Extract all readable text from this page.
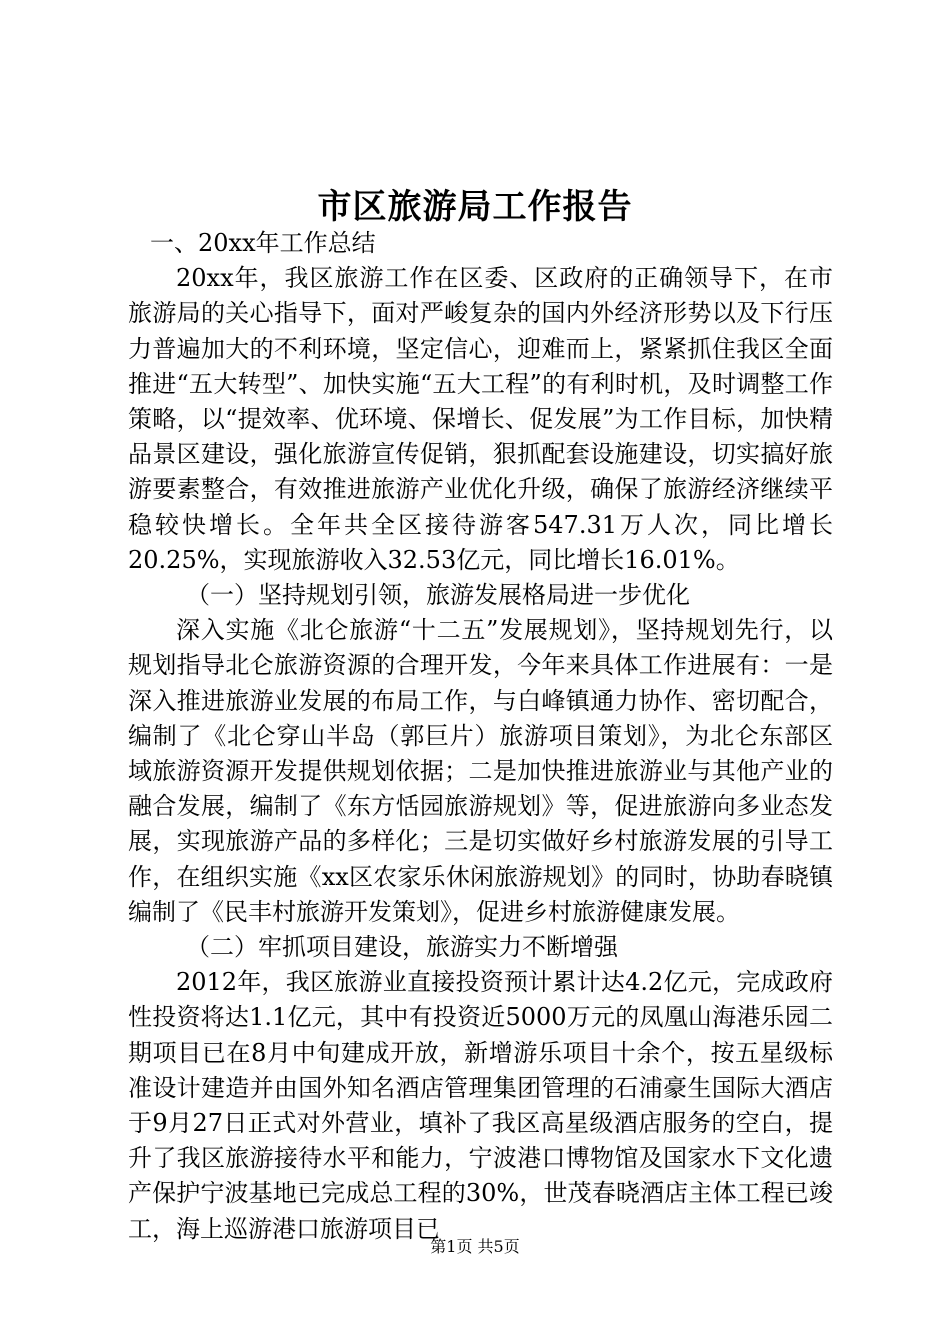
市区旅游局工作报告

一、20xx年工作总结

20xx年，我区旅游工作在区委、区政府的正确领导下，在市旅游局的关心指导下，面对严峻复杂的国内外经济形势以及下行压力普遍加大的不利环境，坚定信心，迎难而上，紧紧抓住我区全面推进“五大转型”、加快实施“五大工程”的有利时机，及时调整工作策略，以“提效率、优环境、保增长、促发展”为工作目标，加快精品景区建设，强化旅游宣传促销，狠抓配套设施建设，切实搞好旅游要素整合，有效推进旅游产业优化升级，确保了旅游经济继续平稳较快增长。全年共全区接待游客547.31万人次，同比增长20.25%，实现旅游收入32.53亿元，同比增长16.01%。

（一）坚持规划引领，旅游发展格局进一步优化

深入实施《北仑旅游“十二五”发展规划》，坚持规划先行，以规划指导北仑旅游资源的合理开发，今年来具体工作进展有：一是深入推进旅游业发展的布局工作，与白峰镇通力协作、密切配合，编制了《北仑穿山半岛（郭巨片）旅游项目策划》，为北仑东部区域旅游资源开发提供规划依据；二是加快推进旅游业与其他产业的融合发展，编制了《东方恬园旅游规划》等，促进旅游向多业态发展，实现旅游产品的多样化；三是切实做好乡村旅游发展的引导工作，在组织实施《xx区农家乐休闲旅游规划》的同时，协助春晓镇编制了《民丰村旅游开发策划》，促进乡村旅游健康发展。

（二）牢抓项目建设，旅游实力不断增强

2012年，我区旅游业直接投资预计累计达4.2亿元，完成政府性投资将达1.1亿元，其中有投资近5000万元的凤凰山海港乐园二期项目已在8月中旬建成开放，新增游乐项目十余个，按五星级标准设计建造并由国外知名酒店管理集团管理的石浦豪生国际大酒店于9月27日正式对外营业，填补了我区高星级酒店服务的空白，提升了我区旅游接待水平和能力，宁波港口博物馆及国家水下文化遗产保护宁波基地已完成总工程的30%，世茂春晓酒店主体工程已竣工，海上巡游港口旅游项目已

第1页 共5页
